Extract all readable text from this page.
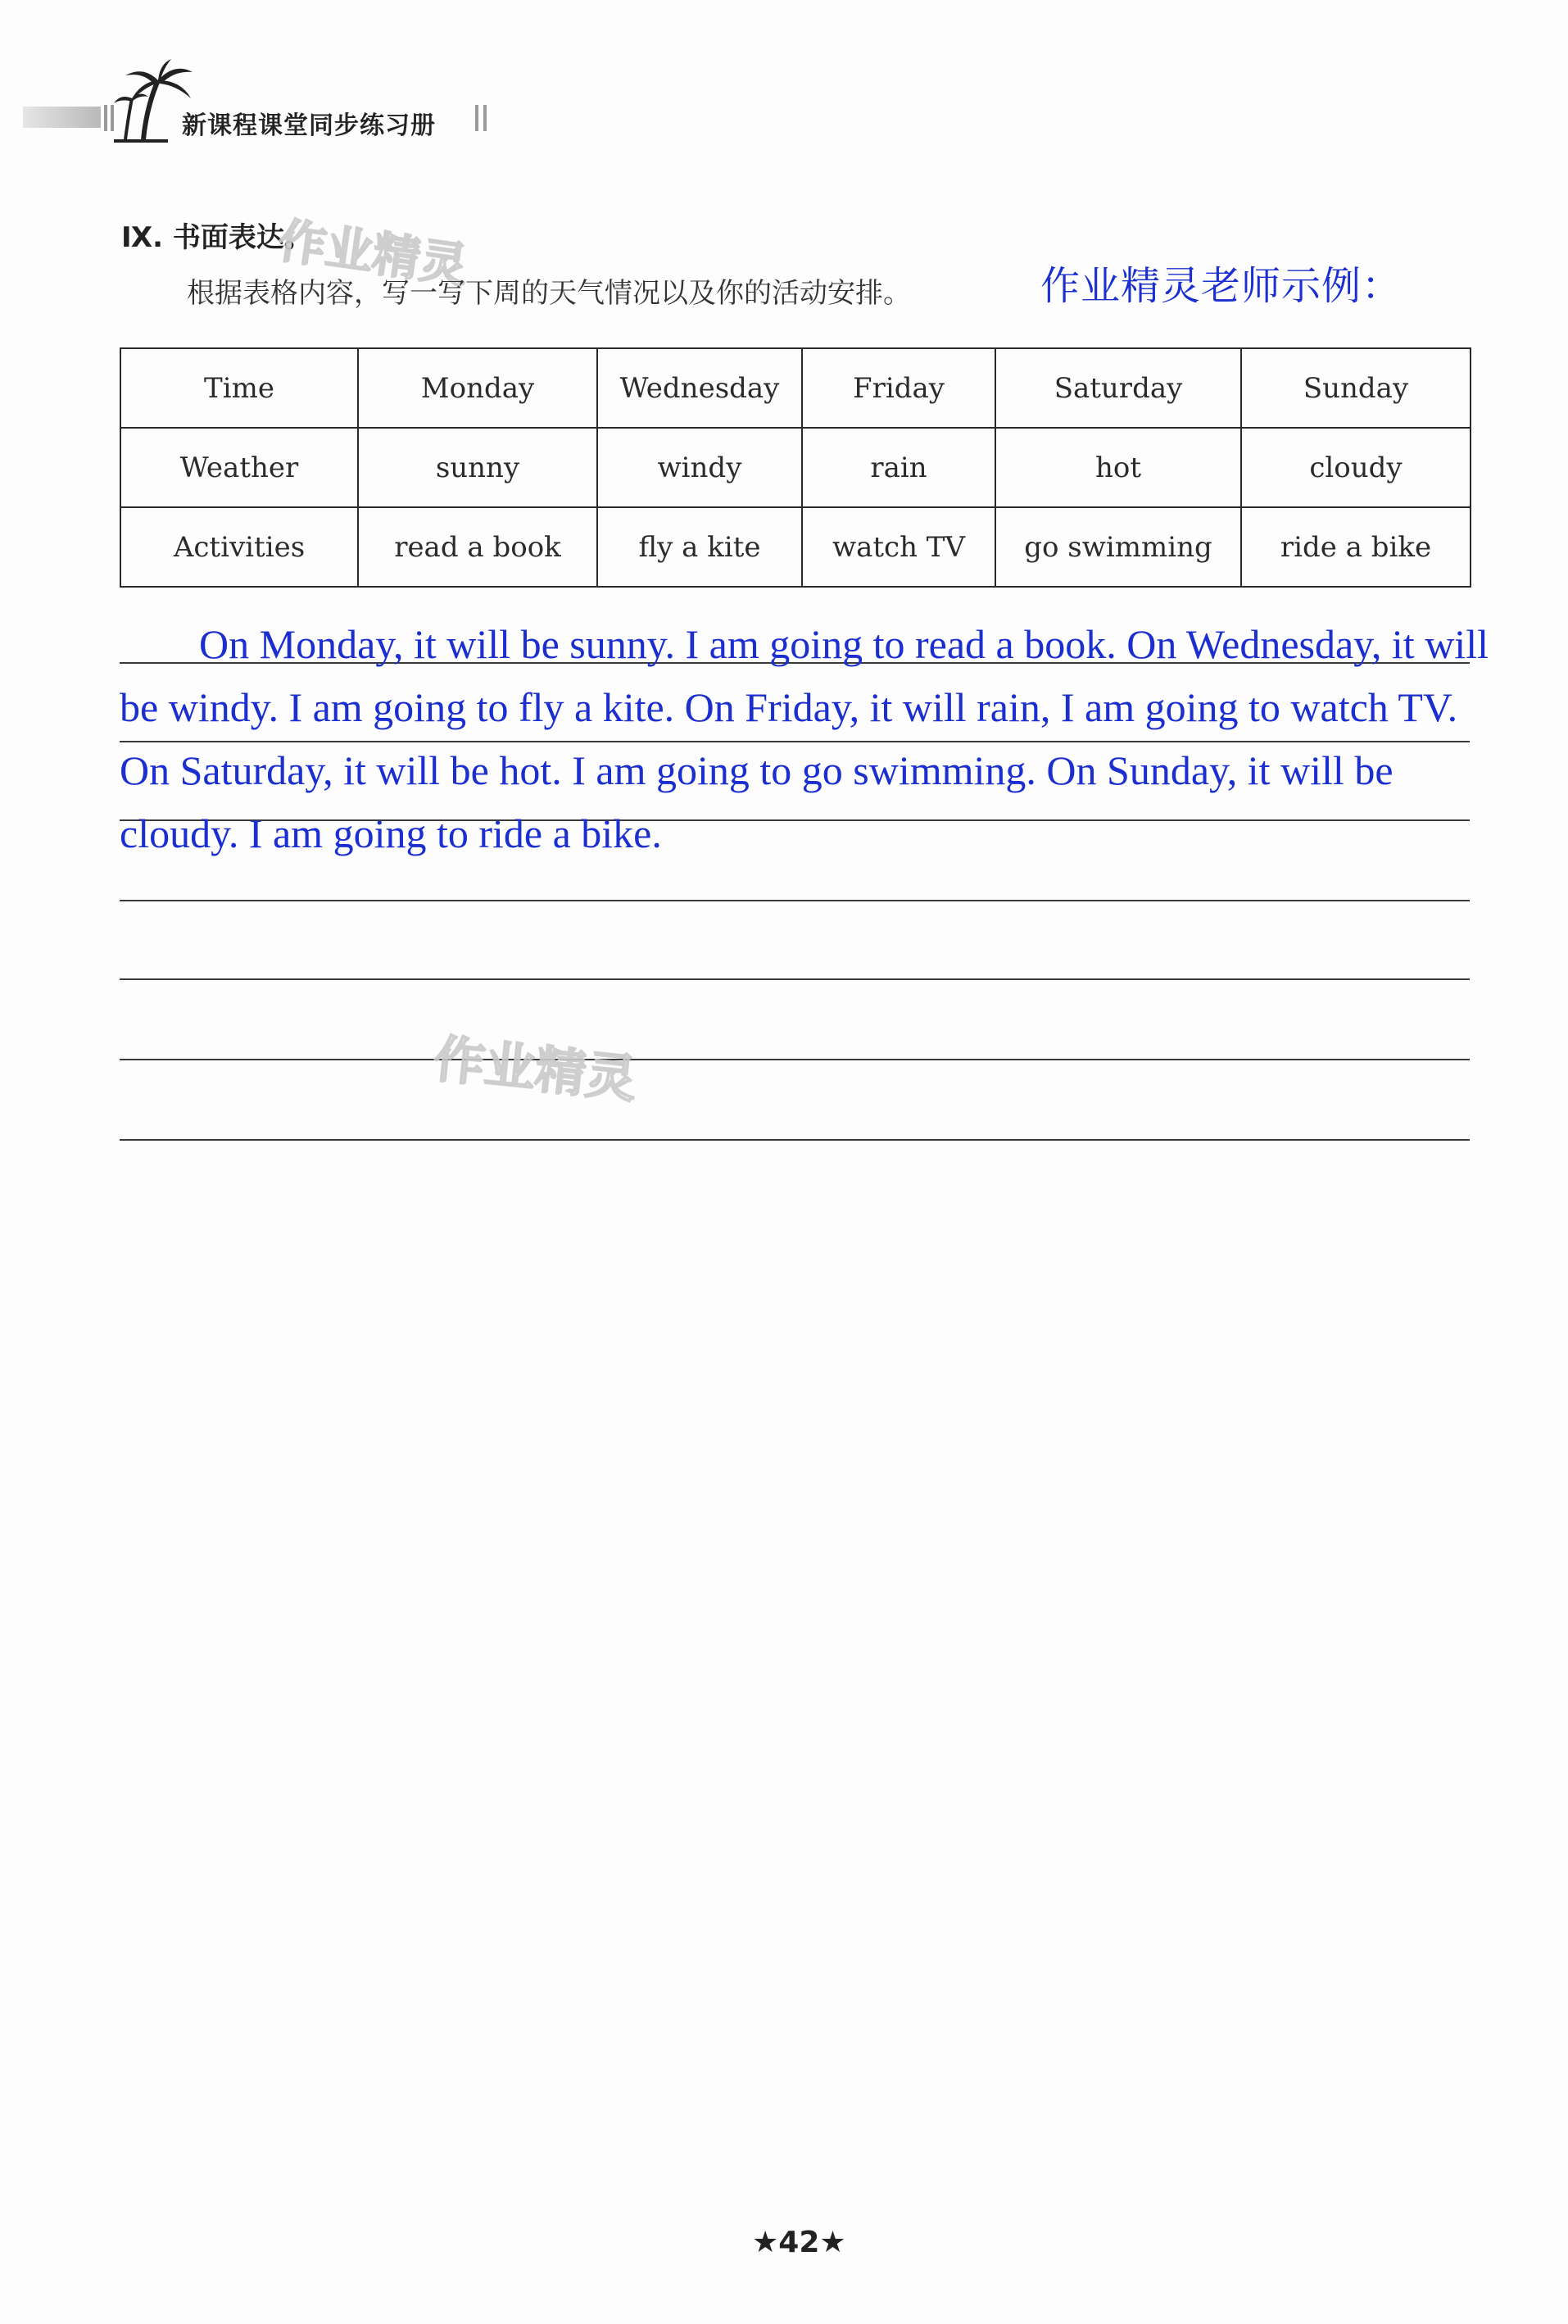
新课程课堂同步练习册
Ⅸ. 书面表达。
作业精灵
根据表格内容，写一写下周的天气情况以及你的活动安排。	作业精灵老师示例：
Time	Monday	Wednesday	Friday	Saturday	Sunday
Weather	sunny	windy	rain	hot	cloudy
Activities	read a book	fly a kite	watch TV	go swimming	ride a bike
作业精灵

On Monday, it will be sunny. I am going to read a book. On Wednesday, it will be windy. I am going to fly a kite. On Friday, it will rain, I am going to watch TV. On Saturday, it will be hot. I am going to go swimming. On Sunday, it will be cloudy. I am going to ride a bike.

★42★
